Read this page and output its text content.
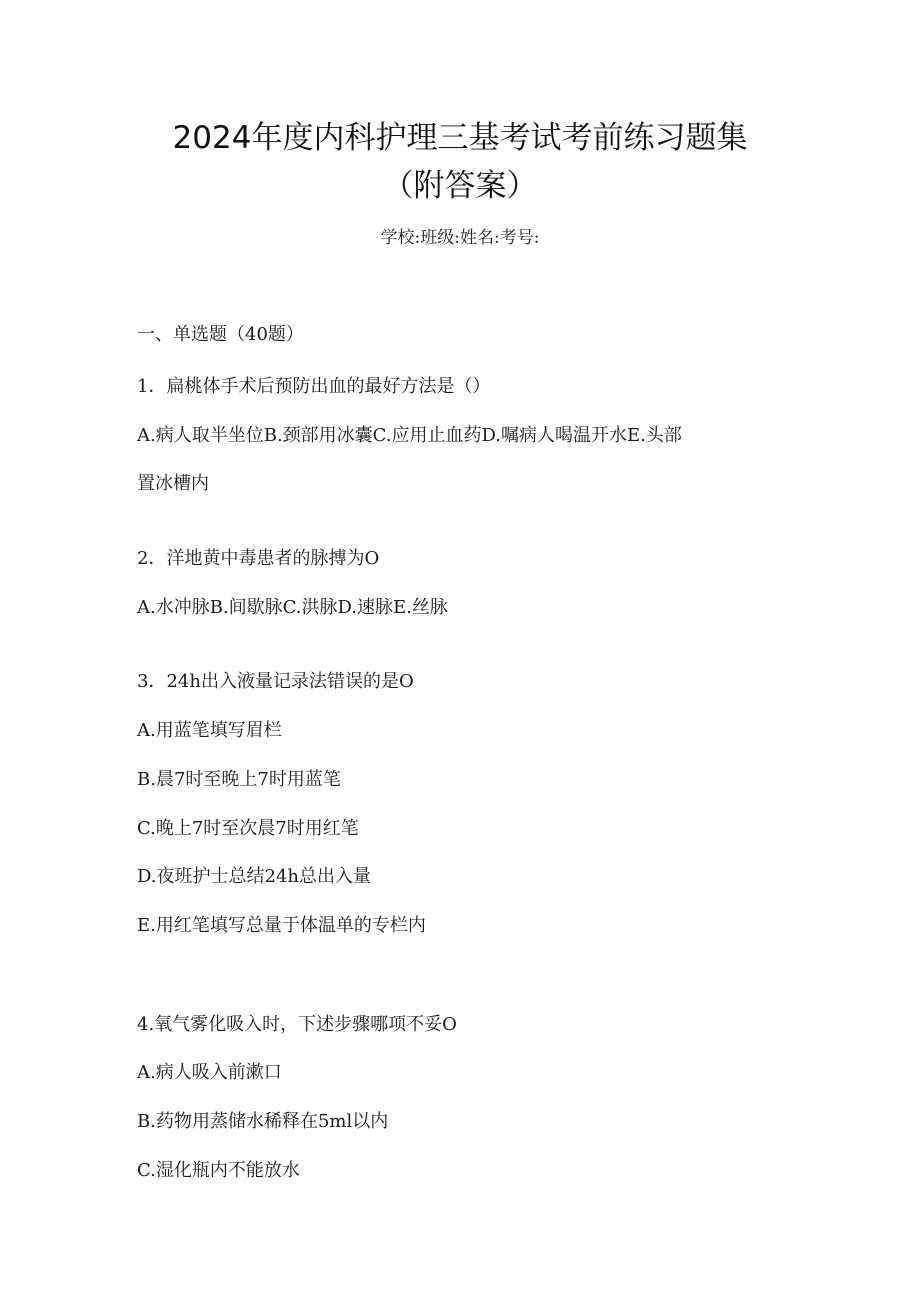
2024年度内科护理三基考试考前练习题集
（附答案）
学校:班级:姓名:考号:
一、单选题（40题）
1．扁桃体手术后预防出血的最好方法是（）
A.病人取半坐位B.颈部用冰囊C.应用止血药D.嘱病人喝温开水E.头部
置冰槽内
2．洋地黄中毒患者的脉搏为O
A.水冲脉B.间歇脉C.洪脉D.速脉E.丝脉
3．24h出入液量记录法错误的是O
A.用蓝笔填写眉栏
B.晨7时至晚上7时用蓝笔
C.晚上7时至次晨7时用红笔
D.夜班护士总结24h总出入量
E.用红笔填写总量于体温单的专栏内
4.氧气雾化吸入时，下述步骤哪项不妥O
A.病人吸入前漱口
B.药物用蒸储水稀释在5ml以内
C.湿化瓶内不能放水
